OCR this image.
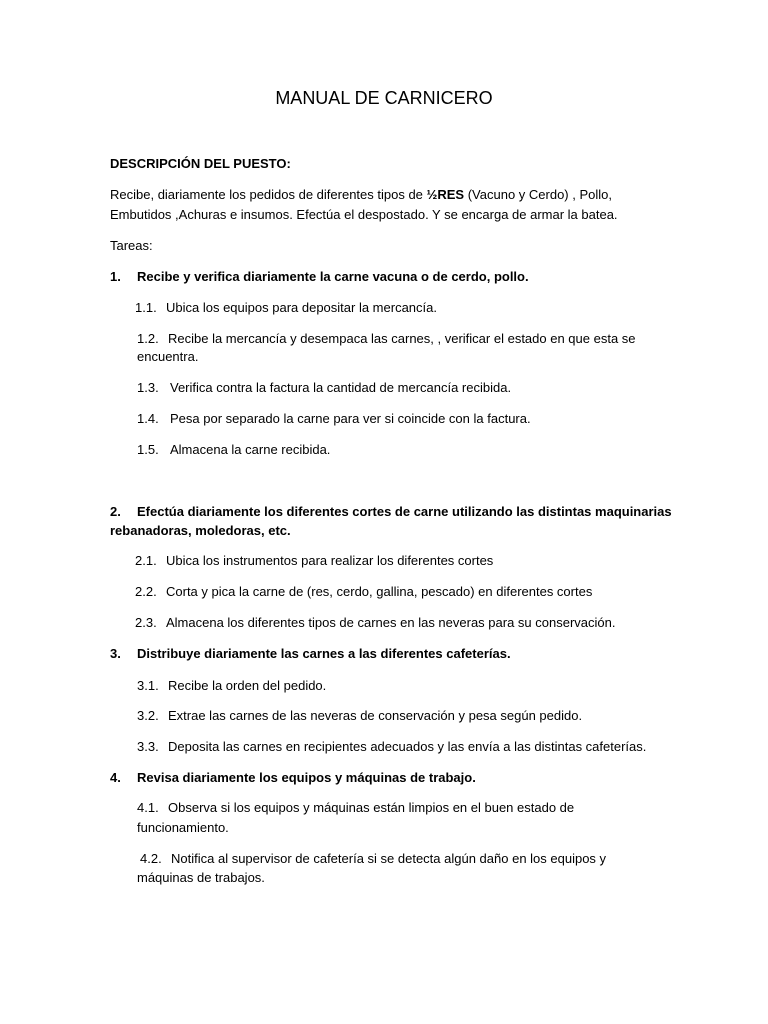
MANUAL DE CARNICERO
DESCRIPCIÓN DEL PUESTO:
Recibe, diariamente los pedidos de diferentes tipos de ½RES (Vacuno y Cerdo) , Pollo,
Embutidos ,Achuras e insumos. Efectúa el despostado. Y se encarga de armar la batea.
Tareas:
1. Recibe y verifica diariamente la carne vacuna o de cerdo, pollo.
1.1. Ubica los equipos para depositar la mercancía.
1.2. Recibe la mercancía y desempaca las carnes, , verificar el estado en que esta se
encuentra.
1.3. Verifica contra la factura la cantidad de mercancía recibida.
1.4. Pesa por separado la carne para ver si coincide con la factura.
1.5. Almacena la carne recibida.
2. Efectúa diariamente los diferentes cortes de carne utilizando las distintas maquinarias
rebanadoras, moledoras, etc.
2.1. Ubica los instrumentos para realizar los diferentes cortes
2.2. Corta y pica la carne de (res, cerdo, gallina, pescado) en diferentes cortes
2.3. Almacena los diferentes tipos de carnes en las neveras para su conservación.
3. Distribuye diariamente las carnes a las diferentes cafeterías.
3.1. Recibe la orden del pedido.
3.2. Extrae las carnes de las neveras de conservación y pesa según pedido.
3.3. Deposita las carnes en recipientes adecuados y las envía a las distintas cafeterías.
4. Revisa diariamente los equipos y máquinas de trabajo.
4.1. Observa si los equipos y máquinas están limpios en el buen estado de
funcionamiento.
4.2. Notifica al supervisor de cafetería si se detecta algún daño en los equipos y
máquinas de trabajos.
